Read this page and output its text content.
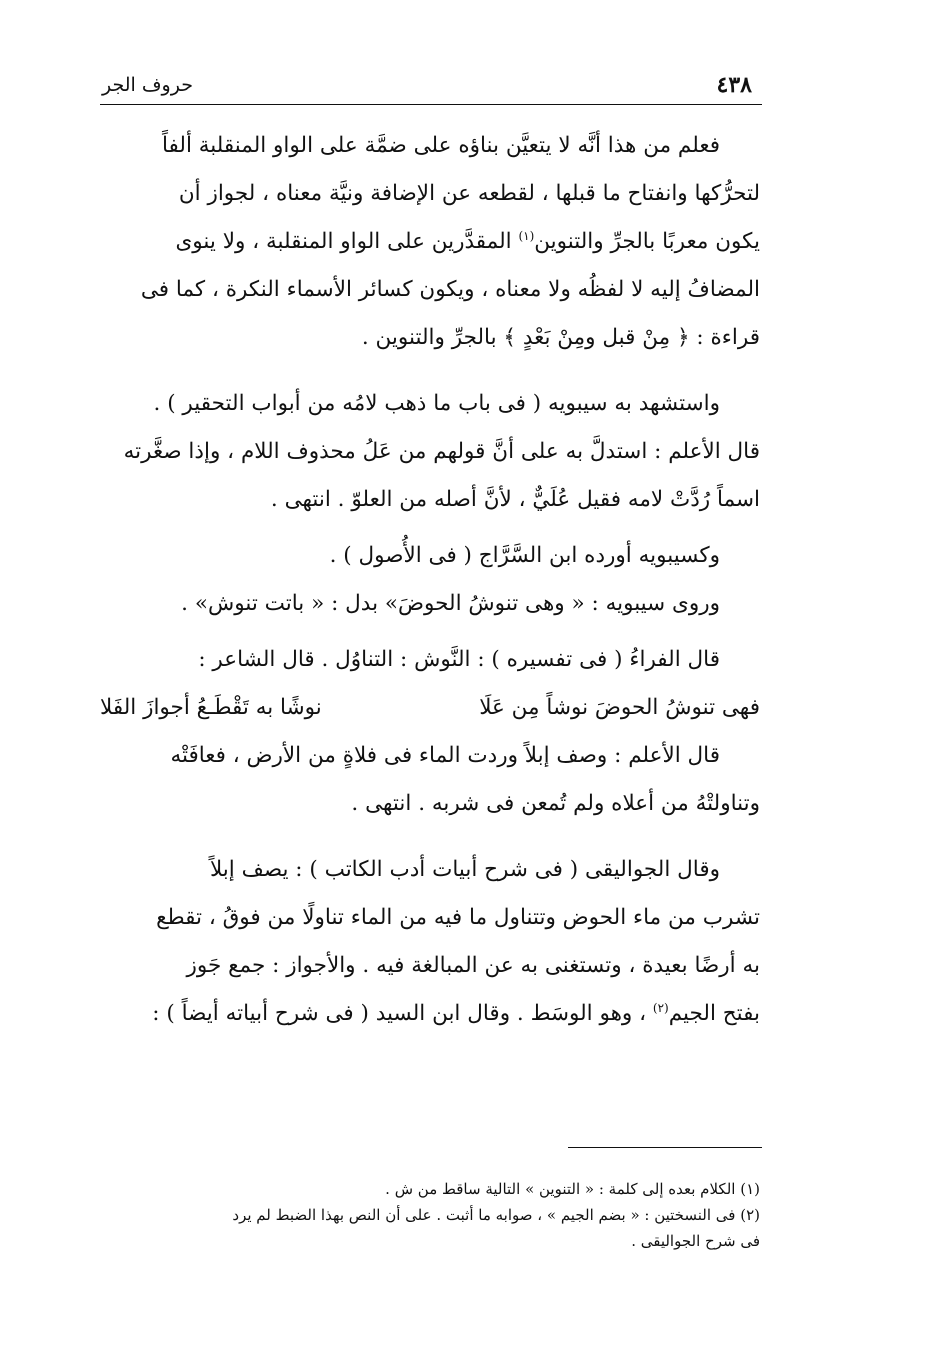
٤٣٨
حروف الجر

فعلم من هذا أنَّه لا يتعيَّن بناؤه على ضمَّة على الواو المنقلبة ألفاً

لتحرُّكها وانفتاح ما قبلها ، لقطعه عن الإضافة ونيَّة معناه ، لجواز أن

يكون معربًا بالجرِّ والتنوين$^{(١)}$ المقدَّرين على الواو المنقلبة ، ولا ينوى

المضافُ إليه لا لفظُه ولا معناه ، ويكون كسائر الأسماء النكرة ، كما فى

قراءة : ﴿ مِنْ قبل ومِنْ بَعْدٍ ﴾ بالجرِّ والتنوين .

واستشهد به سيبويه ( فى باب ما ذهب لامُه من أبواب التحقير ) .

قال الأعلم : استدلَّ به على أنَّ قولهم من عَلُ محذوف اللام ، وإذا صغَّرته

اسماً رُدَّتْ لامه فقيل عُلَيٌّ ، لأنَّ أصله من العلوّ . انتهى .

وكسيبويه أورده ابن السَّرَّاج ( فى الأُصول ) .

وروى سيبويه : « وهى تنوشُ الحوضَ» بدل : « باتت تنوش» .

قال الفراءُ ( فى تفسيره ) : النَّوش : التناوُل . قال الشاعر :

فهى تنوشُ الحوضَ نوشاً مِن عَلَا
نوشًا به تَقْطَـعُ أجوازَ الفَلا

قال الأعلم : وصف إبلاً وردت الماء فى فلاةٍ من الأرض ، فعافَتْه

وتناولتْهُ من أعلاه ولم تُمعن فى شربه . انتهى .

وقال الجواليقى ( فى شرح أبيات أدب الكاتب ) : يصف إبلاً

تشرب من ماء الحوض وتتناول ما فيه من الماء تناولًا من فوقُ ، تقطع

به أرضًا بعيدة ، وتستغنى به عن المبالغة فيه . والأجواز : جمع جَوز

بفتح الجيم$^{(٢)}$ ، وهو الوسَط . وقال ابن السيد ( فى شرح أبياته أيضاً ) :

(١) الكلام بعده إلى كلمة : « التنوين » التالية ساقط من ش .

(٢) فى النسختين : « بضم الجيم » ، صوابه ما أثبت . على أن النص بهذا الضبط لم يرد

فى شرح الجواليقى .
